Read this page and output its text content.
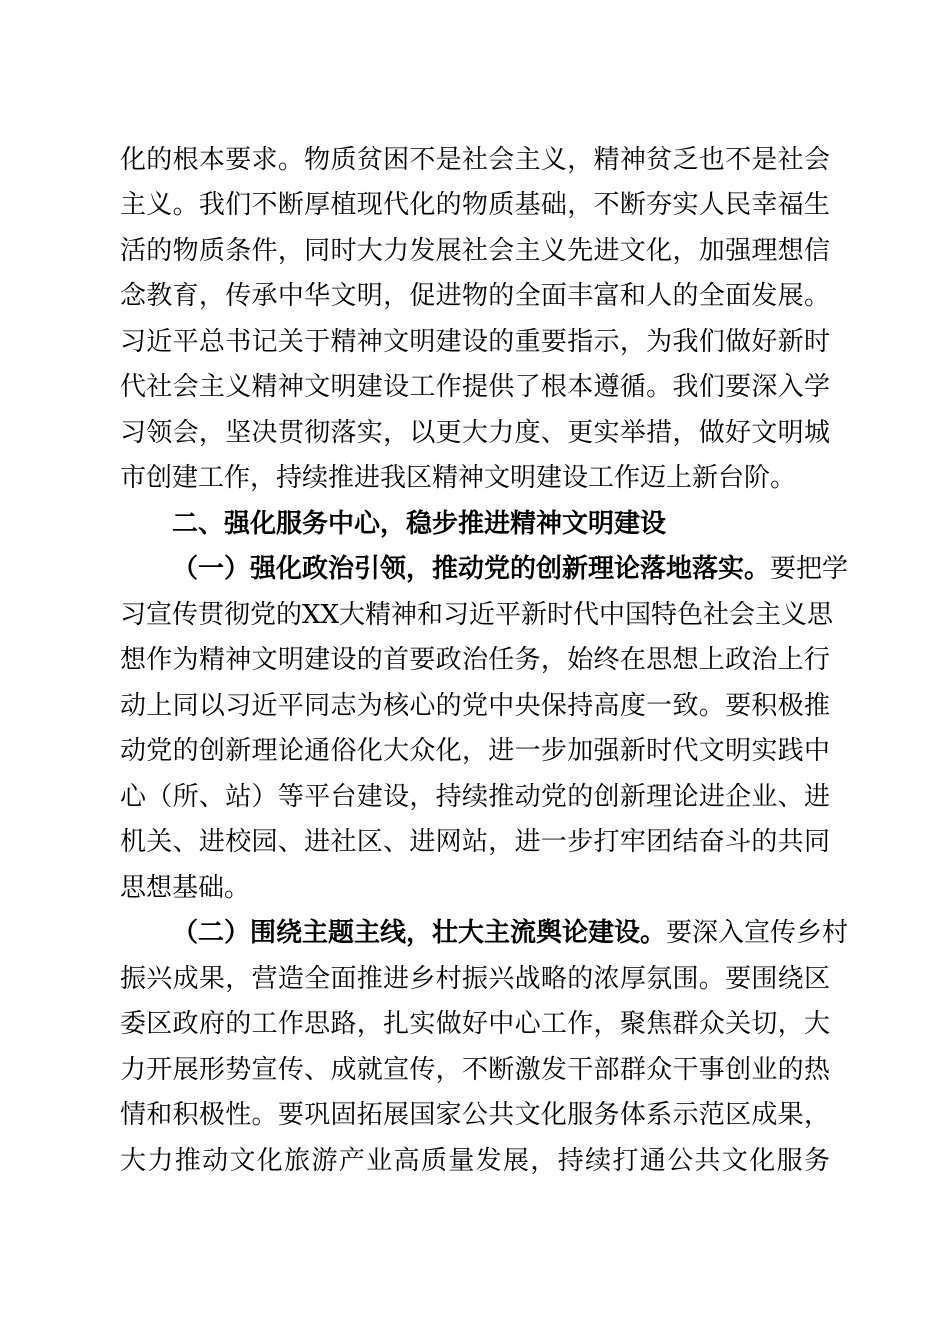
化的根本要求。物质贫困不是社会主义，精神贫乏也不是社会
主义。我们不断厚植现代化的物质基础，不断夯实人民幸福生
活的物质条件，同时大力发展社会主义先进文化，加强理想信
念教育，传承中华文明，促进物的全面丰富和人的全面发展。
习近平总书记关于精神文明建设的重要指示，为我们做好新时
代社会主义精神文明建设工作提供了根本遵循。我们要深入学
习领会，坚决贯彻落实，以更大力度、更实举措，做好文明城
市创建工作，持续推进我区精神文明建设工作迈上新台阶。
二、强化服务中心，稳步推进精神文明建设
（一）强化政治引领，推动党的创新理论落地落实。要把学
习宣传贯彻党的XX大精神和习近平新时代中国特色社会主义思
想作为精神文明建设的首要政治任务，始终在思想上政治上行
动上同以习近平同志为核心的党中央保持高度一致。要积极推
动党的创新理论通俗化大众化，进一步加强新时代文明实践中
心（所、站）等平台建设，持续推动党的创新理论进企业、进
机关、进校园、进社区、进网站，进一步打牢团结奋斗的共同
思想基础。
（二）围绕主题主线，壮大主流舆论建设。要深入宣传乡村
振兴成果，营造全面推进乡村振兴战略的浓厚氛围。要围绕区
委区政府的工作思路，扎实做好中心工作，聚焦群众关切，大
力开展形势宣传、成就宣传，不断激发干部群众干事创业的热
情和积极性。要巩固拓展国家公共文化服务体系示范区成果，
大力推动文化旅游产业高质量发展，持续打通公共文化服务
